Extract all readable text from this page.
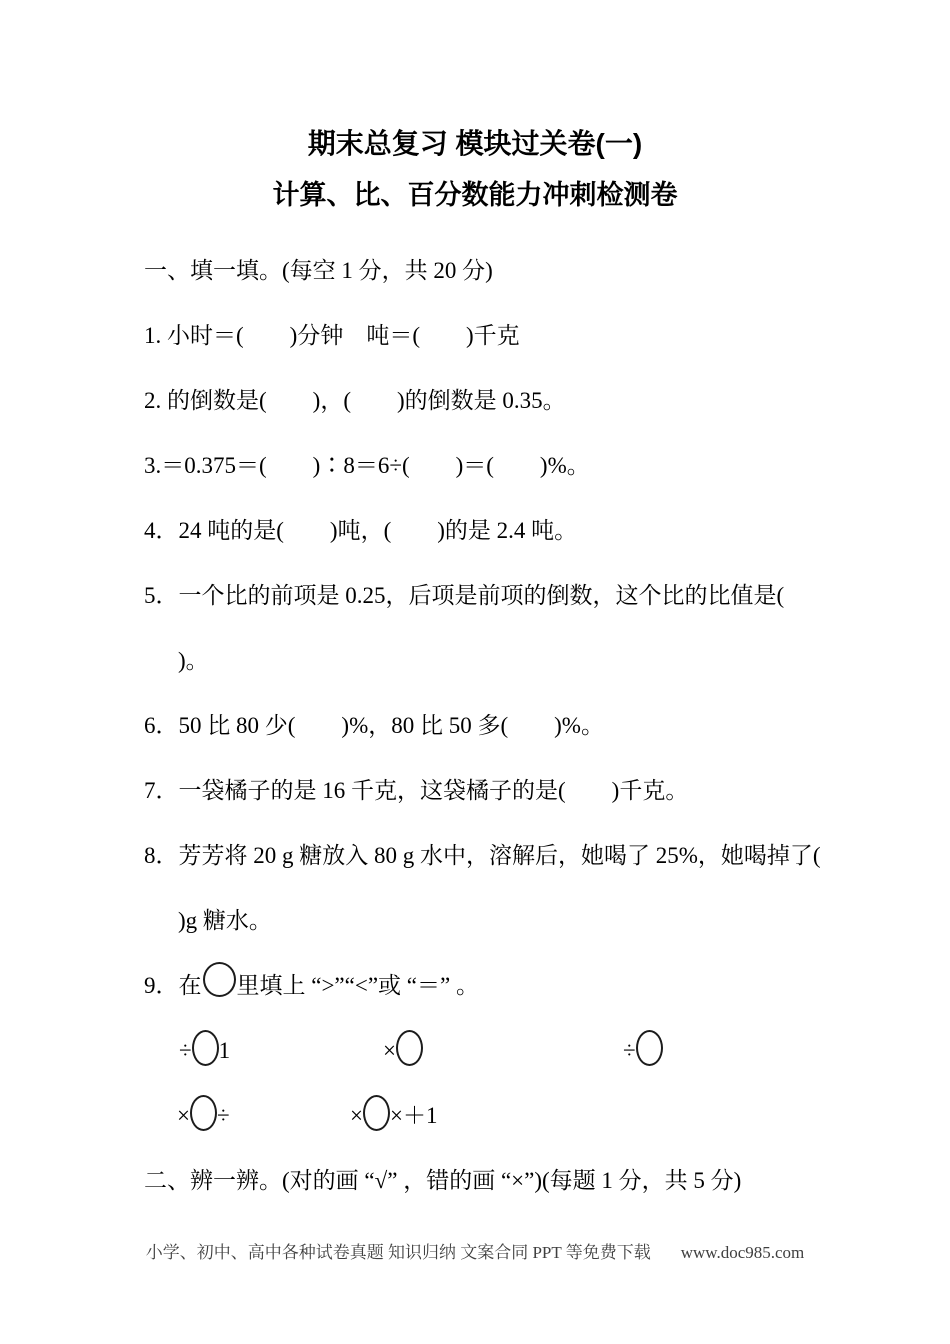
期末总复习 模块过关卷(一)
计算、比、百分数能力冲刺检测卷
一、填一填。(每空 1 分，共 20 分)
1. 小时＝(　　)分钟　吨＝(　　)千克
2. 的倒数是(　　)，(　　)的倒数是 0.35。
3.＝0.375＝(　　)∶8＝6÷(　　)＝(　　)%。
4．24 吨的是(　　)吨，(　　)的是 2.4 吨。
5．一个比的前项是 0.25，后项是前项的倒数，这个比的比值是(
)。
6．50 比 80 少(　　)%，80 比 50 多(　　)%。
7．一袋橘子的是 16 千克，这袋橘子的是(　　)千克。
8．芳芳将 20 g 糖放入 80 g 水中，溶解后，她喝了 25%，她喝掉了(
)g 糖水。
9．在 里填上 “>”“<”或 “＝” 。
÷ 1	×	÷
× ÷	× ×＋1
二、辨一辨。(对的画 “√” ，错的画 “×”)(每题 1 分，共 5 分)
小学、初中、高中各种试卷真题 知识归纳 文案合同 PPT 等免费下载 www.doc985.com
